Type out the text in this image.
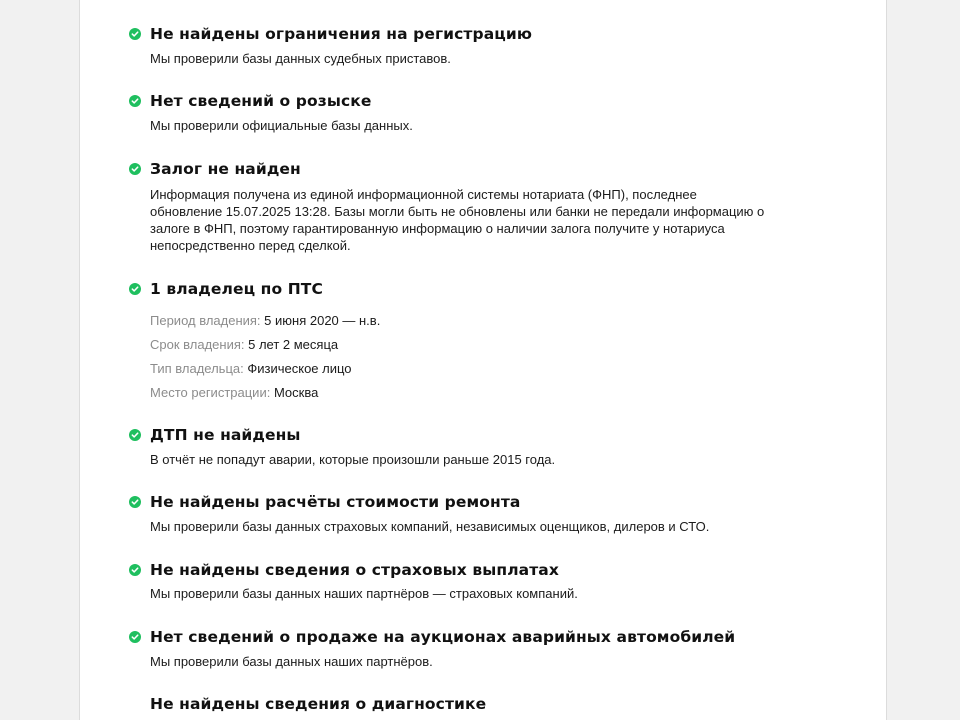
Не найдены ограничения на регистрацию
Мы проверили базы данных судебных приставов.
Нет сведений о розыске
Мы проверили официальные базы данных.
Залог не найден
Информация получена из единой информационной системы нотариата (ФНП), последнее
обновление 15.07.2025 13:28. Базы могли быть не обновлены или банки не передали информацию о
залоге в ФНП, поэтому гарантированную информацию о наличии залога получите у нотариуса
непосредственно перед сделкой.
1 владелец по ПТС
Период владения: 5 июня 2020 — н.в.
Срок владения: 5 лет 2 месяца
Тип владельца: Физическое лицо
Место регистрации: Москва
ДТП не найдены
В отчёт не попадут аварии, которые произошли раньше 2015 года.
Не найдены расчёты стоимости ремонта
Мы проверили базы данных страховых компаний, независимых оценщиков, дилеров и СТО.
Не найдены сведения о страховых выплатах
Мы проверили базы данных наших партнёров — страховых компаний.
Нет сведений о продаже на аукционах аварийных автомобилей
Мы проверили базы данных наших партнёров.
Не найдены сведения о диагностике
